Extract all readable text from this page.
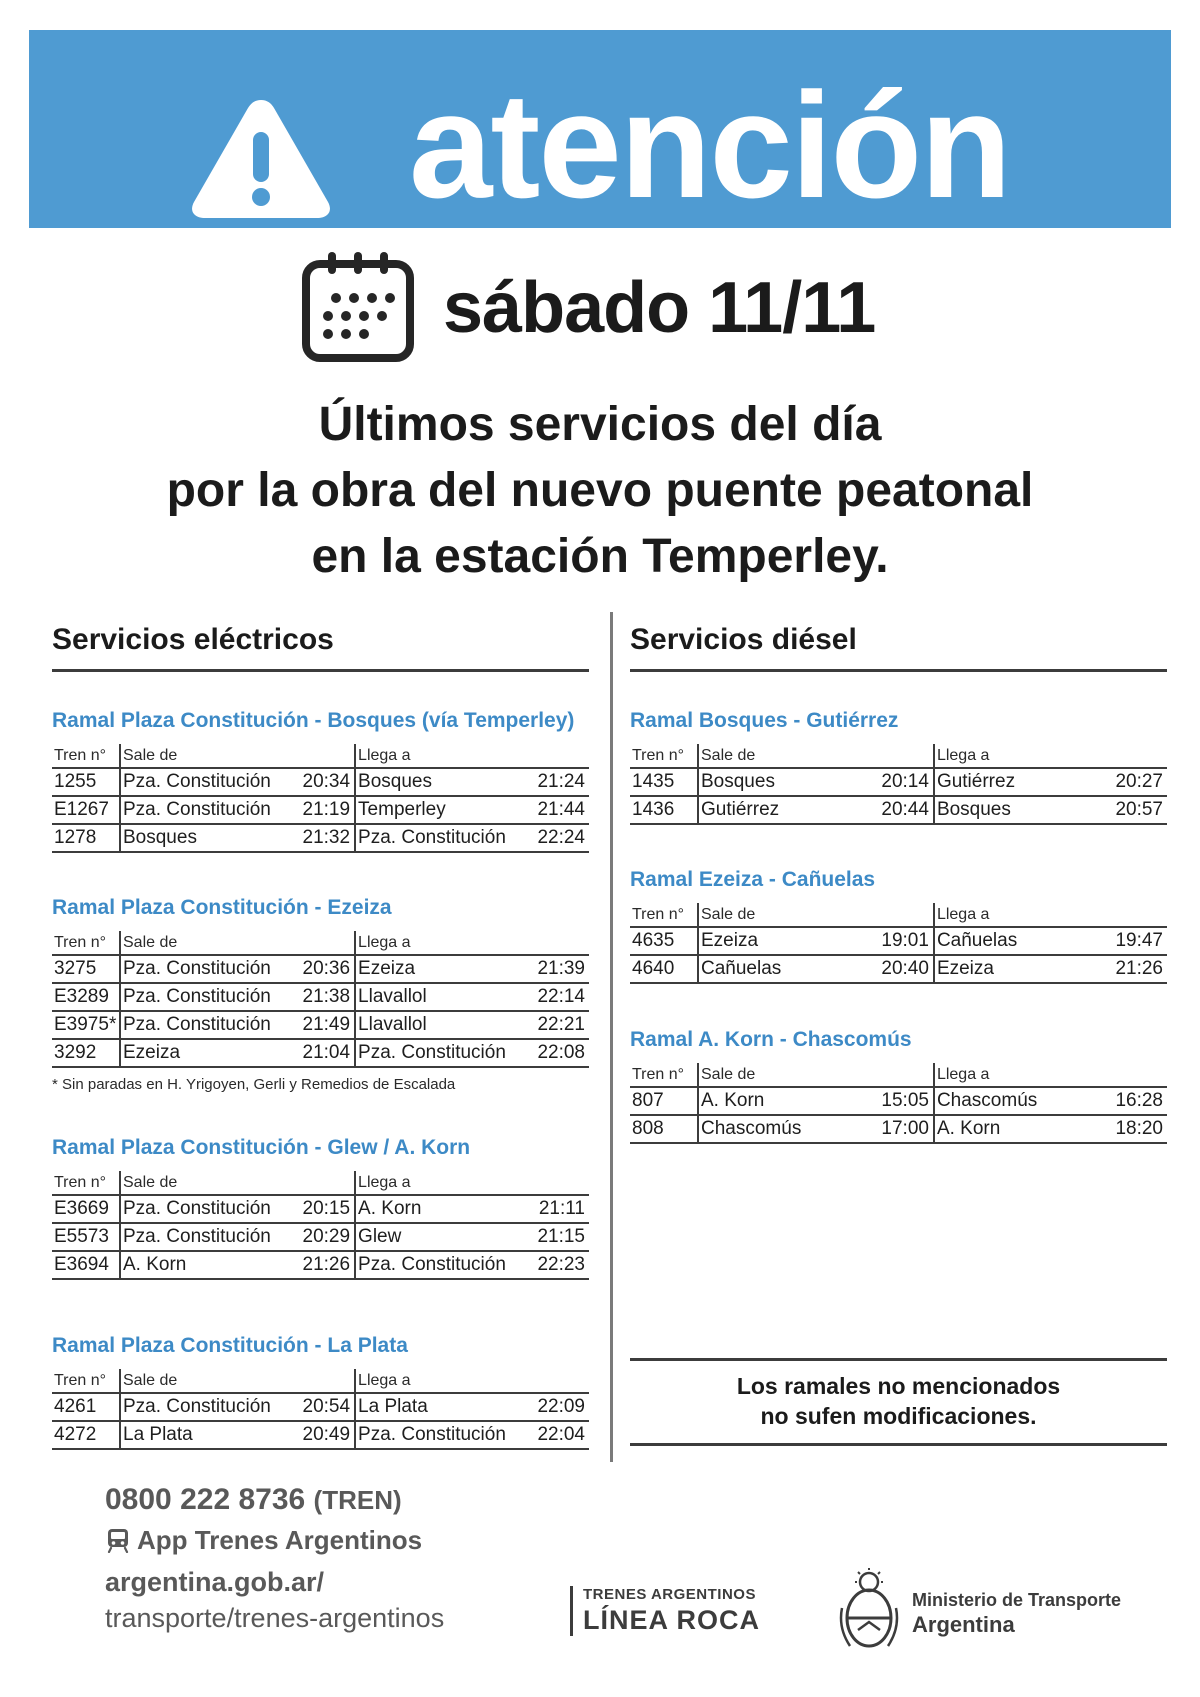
atención
sábado 11/11
Últimos servicios del día
por la obra del nuevo puente peatonal
en la estación Temperley.
Servicios eléctricos
Ramal Plaza Constitución - Bosques (vía Temperley)
Tren n°	Sale de		Llega a	
1255	Pza. Constitución	20:34	Bosques	21:24
E1267	Pza. Constitución	21:19	Temperley	21:44
1278	Bosques	21:32	Pza. Constitución	22:24
Ramal Plaza Constitución - Ezeiza
Tren n°	Sale de		Llega a	
3275	Pza. Constitución	20:36	Ezeiza	21:39
E3289	Pza. Constitución	21:38	Llavallol	22:14
E3975*	Pza. Constitución	21:49	Llavallol	22:21
3292	Ezeiza	21:04	Pza. Constitución	22:08
* Sin paradas en H. Yrigoyen, Gerli y Remedios de Escalada
Ramal Plaza Constitución - Glew / A. Korn
Tren n°	Sale de		Llega a	
E3669	Pza. Constitución	20:15	A. Korn	21:11
E5573	Pza. Constitución	20:29	Glew	21:15
E3694	A. Korn	21:26	Pza. Constitución	22:23
Ramal Plaza Constitución - La Plata
Tren n°	Sale de		Llega a	
4261	Pza. Constitución	20:54	La Plata	22:09
4272	La Plata	20:49	Pza. Constitución	22:04
Servicios diésel
Ramal Bosques - Gutiérrez
Tren n°	Sale de		Llega a	
1435	Bosques	20:14	Gutiérrez	20:27
1436	Gutiérrez	20:44	Bosques	20:57
Ramal Ezeiza - Cañuelas
Tren n°	Sale de		Llega a	
4635	Ezeiza	19:01	Cañuelas	19:47
4640	Cañuelas	20:40	Ezeiza	21:26
Ramal A. Korn - Chascomús
Tren n°	Sale de		Llega a	
807	A. Korn	15:05	Chascomús	16:28
808	Chascomús	17:00	A. Korn	18:20
Los ramales no mencionados
no sufen modificaciones.
0800 222 8736 (TREN)
App Trenes Argentinos
argentina.gob.ar/
transporte/trenes-argentinos
TRENES ARGENTINOS
LÍNEA ROCA
Ministerio de Transporte
Argentina
